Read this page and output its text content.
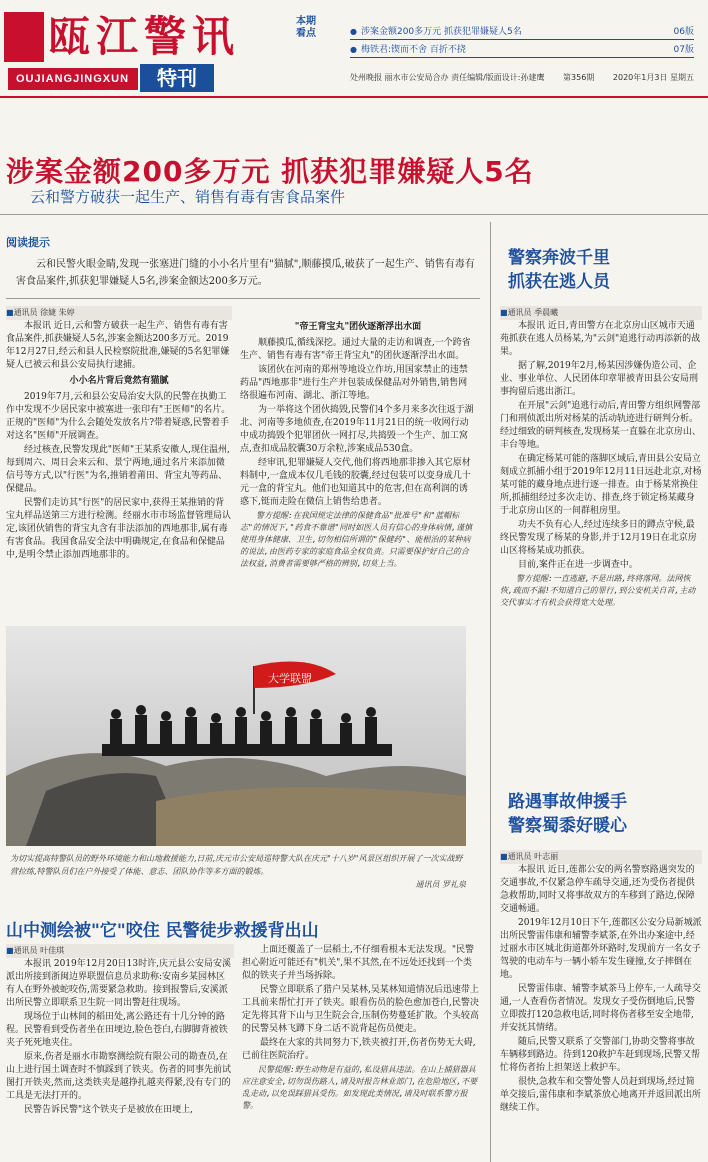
瓯江警讯
OUJIANGJINGXUN	特刊
本期看点
●	涉案金额200多万元 抓获犯罪嫌疑人5名	06版
● 梅铁君:锲而不舍 百折不挠	07版
处州晚报 丽水市公安局合办 责任编辑/版面设计:孙建鹰 第356期 2020年1月3日 星期五
涉案金额200多万元 抓获犯罪嫌疑人5名
云和警方破获一起生产、销售有毒有害食品案件
阅读提示
云和民警火眼金睛,发现一张塞进门缝的小小名片里有"猫腻",顺藤摸瓜,破获了一起生产、销售有毒有害食品案件,抓获犯罪嫌疑人5名,涉案金额达200多万元。
■ 通讯员 徐婕 朱婷

本报讯 近日,云和警方破获一起生产、销售有毒有害食品案件,抓获嫌疑人5名,涉案金额达200多万元。2019年12月27日,经云和县人民检察院批准,嫌疑的5名犯罪嫌疑人已被云和县公安局执行逮捕。

小小名片背后竟然有猫腻

2019年7月,云和县公安局治安大队的民警在执勤工作中发现不少居民家中被塞进一张印有"王医师"的名片。正规的"医师"为什么会随处发放名片?带着疑惑,民警着手对这名"医师"开展调查。

经过核查,民警发现此"医师"王某系安徽人,现住温州,每到周六、周日会来云和、景宁两地,通过名片来添加微信号等方式,以"行医"为名,推销着莆田、背宝丸等药品、保健品。

民警们走访其"行医"的居民家中,获得王某推销的背宝丸样品送第三方进行检测。经丽水市市场监督管理局认定,该团伙销售的背宝丸含有非法添加的西地那非,属有毒有害食品。我国食品安全法中明确规定,在食品和保健品中,是明令禁止添加西地那非的。

"帝王背宝丸"团伙逐渐浮出水面

顺藤摸瓜,循线深挖。通过大量的走访和调查,一个跨省生产、销售有毒有害"帝王背宝丸"的团伙逐渐浮出水面。

该团伙在河南的郑州等地设立作坊,用国家禁止的违禁药品"西地那非"进行生产并包装成保健品对外销售,销售网络很遍布河南、湖北、浙江等地。

为一举将这个团伙捣毁,民警们4个多月来多次往返于湖北、河南等多地侦查,在2019年11月21日的统一收网行动中成功捣毁个犯罪团伙一网打尽,共捣毁一个生产、加工窝点,查扣成品胶囊30万余粒,涉案成品530盒。

经审讯,犯罪嫌疑人交代,他们将西地那非掺入其它原材料制中,一盒成本仅几毛钱的胶囊,经过包装可以变身成几十元一盒的背宝丸。他们也知道其中的危害,但在高利润的诱惑下,铤而走险在微信上销售给患者。

警方提醒:在我国规定法律的保健食品"批准号"和"蓝帽标志"的情况下,"药食不靠谱"同时如医人员有信心的身体病情,谨慎使用身体健康、卫生,切勿相信所谓的"保健药"、能根治的某种病的说法,由医药专家的家庭食品全权负责。只需要保护好自己的合法权益,消费者需要够严格的辨别,切莫上当。

大学联盟
为切实提高特警队员的野外环境能力和山地救援能力,日前,庆元市公安局巡特警大队在庆元"十八岁"风景区组织开展了一次实战野营拉练,特警队员们在户外接受了体能、意志、团队协作等多方面的锻炼。
通讯员 罗礼泉
山中测绘被"它"咬住 民警徒步救援背出山
■ 通讯员 叶佳琪

本报讯 2019年12月20日13时许,庆元县公安局安溪派出所接到浙闽边界联盟信息员求助称:安南乡某园林区有人在野外被蛇咬伤,需要紧急救助。接到报警后,安溪派出所民警立即联系卫生院一同出警赶往现场。

现场位于山林间的稻田处,离公路还有十几分钟的路程。民警看到受伤者坐在田埂边,脸色苍白,右脚脚背被铁夹子死死地夹住。

原来,伤者是丽水市勘察测绘院有限公司的勘查员,在山上进行国土调查时不慎踩到了铁夹。伤者的同事先前试图打开铁夹,然而,这类铁夹是越挣扎越夹得紧,没有专门的工具是无法打开的。

民警告诉民警"这个铁夹子是被放在田埂上,

上面还覆盖了一层稻土,不仔细看根本无法发现。"民警担心附近可能还有"机关",果不其然,在不远处还找到一个类似的铁夹子并当场拆除。

民警立即联系了猎户吴某林,吴某林知道情况后迅速带上工具前来帮忙打开了铁夹。眼看伤员的脸色愈加苍白,民警决定先将其背下山与卫生院会合,压制伤势蔓延扩散。个头较高的民警吴林飞蹲下身二话不说背起伤员便走。

最终在大家的共同努力下,铁夹被打开,伤者伤势无大碍,已前往医院治疗。

民警提醒:野生动物是有益的,私设猎具违法。在山上捕猎器具应注意安全,切勿误伤路人,请及时报告林业部门,在危险地区,不要乱走动,以免误踩猎具受伤。如发现此类情况,请及时联系警方报警。

警察奔波千里
抓获在逃人员
■ 通讯员 季晨曦

本报讯 近日,青田警方在北京房山区城市天通苑抓获在逃人员杨某,为"云剑"追逃行动再添新的战果。

据了解,2019年2月,杨某因涉嫌伪造公司、企业、事业单位、人民团体印章罪被青田县公安局刑事拘留后逃出浙江。

在开展"云剑"追逃行动后,青田警方组织网警部门和刑侦派出所对杨某的活动轨迹进行研判分析。经过细致的研判核查,发现杨某一直躲在北京房山、丰台等地。

在确定杨某可能的落脚区域后,青田县公安局立刻成立抓捕小组于2019年12月11日远赴北京,对杨某可能的藏身地点进行逐一排查。由于杨某常换住所,抓捕组经过多次走访、排查,终于锁定杨某藏身于北京房山区的一间群租房里。

功夫不负有心人,经过连续多日的蹲点守候,最终民警发现了杨某的身影,并于12月19日在北京房山区将杨某成功抓获。

目前,案件正在进一步调查中。

警方提醒:一直逃避,不是出路,终将落网。法网恢恢,疏而不漏!不知道自己的罪行,到公安机关自首,主动交代事实才有机会获得宽大处理。

路遇事故伸援手
警察蜀黍好暖心
■ 通讯员 叶志丽

本报讯 近日,莲都公安的两名警察路遇突发的交通事故,不仅紧急停车疏导交通,还为受伤者提供急救帮助,同时又将事故双方的车移到了路边,保障交通畅通。

2019年12月10日下午,莲都区公安分局新城派出所民警雷伟康和辅警李斌茶,在外出办案途中,经过丽水市区城北街道都外环路时,发现前方一名女子驾驶的电动车与一辆小轿车发生碰撞,女子摔倒在地。

民警雷伟康、辅警李斌茶马上停车,一人疏导交通,一人查看伤者情况。发现女子受伤倒地后,民警立即拨打120急救电话,同时将伤者移至安全地带,并安抚其情绪。

随后,民警又联系了交警部门,协助交警将事故车辆移到路边。待到120救护车赶到现场,民警又帮忙将伤者抬上担架送上救护车。

很快,急救车和交警处警人员赶到现场,经过简单交接后,雷伟康和李斌茶放心地离开并返回派出所继续工作。
